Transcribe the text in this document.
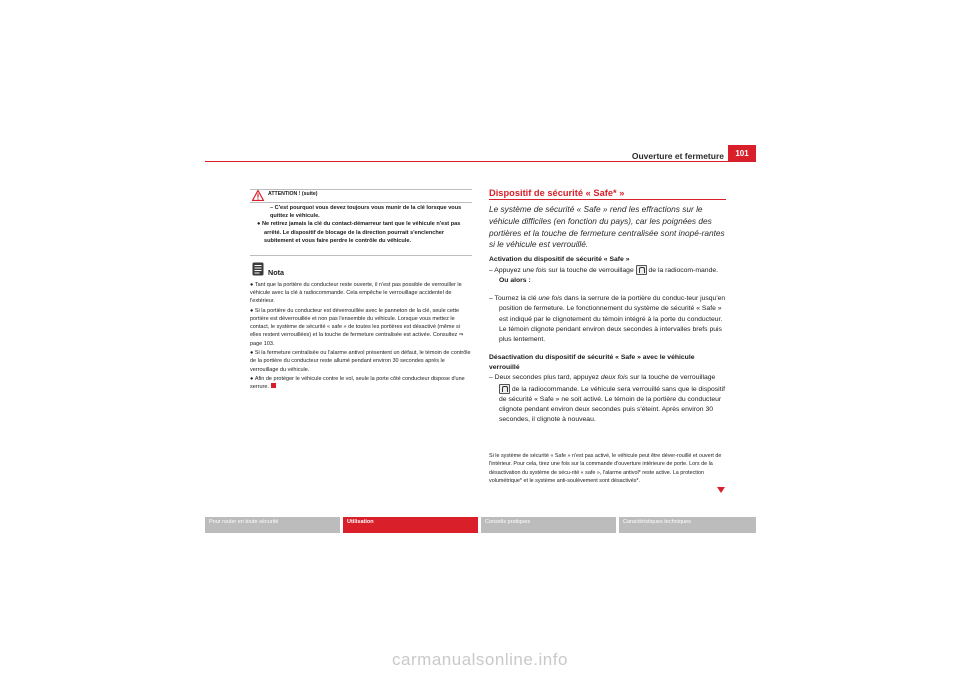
Ouverture et fermeture	101
ATTENTION ! (suite)

– C'est pourquoi vous devez toujours vous munir de la clé lorsque vous quittez le véhicule.

● Ne retirez jamais la clé du contact-démarreur tant que le véhicule n'est pas arrêté. Le dispositif de blocage de la direction pourrait s'enclencher subitement et vous faire perdre le contrôle du véhicule.

Nota

● Tant que la portière du conducteur reste ouverte, il n'est pas possible de verrouiller le véhicule avec la clé à radiocommande. Cela empêche le verrouillage accidentel de l'extérieur.

● Si la portière du conducteur est déverrouillée avec le panneton de la clé, seule cette portière est déverrouillée et non pas l'ensemble du véhicule. Lorsque vous mettez le contact, le système de sécurité « safe » de toutes les portières est désactivé (même si elles restent verrouillées) et la touche de fermeture centralisée est activée. Consultez ⇒ page 103.

● Si la fermeture centralisée ou l'alarme antivol présentent un défaut, le témoin de contrôle de la portière du conducteur reste allumé pendant environ 30 secondes après le verrouillage du véhicule.

● Afin de protéger le véhicule contre le vol, seule la porte côté conducteur dispose d'une serrure.

Dispositif de sécurité « Safe* »
Le système de sécurité « Safe » rend les effractions sur le véhicule difficiles (en fonction du pays), car les poignées des portières et la touche de fermeture centralisée sont inopé-rantes si le véhicule est verrouillé.

Activation du dispositif de sécurité « Safe »

– Appuyez une fois sur la touche de verrouillage  de la radiocom-mande. Ou alors :

– Tournez la clé une fois dans la serrure de la portière du conduc-teur jusqu'en position de fermeture. Le fonctionnement du système de sécurité « Safe » est indiqué par le clignotement du témoin intégré à la porte du conducteur. Le témoin clignote pendant environ deux secondes à intervalles brefs puis plus lentement.

Désactivation du dispositif de sécurité « Safe » avec le véhicule verrouillé

– Deux secondes plus tard, appuyez deux fois sur la touche de verrouillage  de la radiocommande. Le véhicule sera verrouillé sans que le dispositif de sécurité « Safe » ne soit activé. Le témoin de la portière du conducteur clignote pendant environ deux secondes puis s'éteint. Après environ 30 secondes, il clignote à nouveau.

Si le système de sécurité « Safe » n'est pas activé, le véhicule peut être déver-rouillé et ouvert de l'intérieur. Pour cela, tirez une fois sur la commande d'ouverture intérieure de porte. Lors de la désactivation du système de sécu-rité « safe », l'alarme antivol* reste active. La protection volumétrique* et le système anti-soulèvement sont désactivés*.

Pour rouler en toute sécurité	Utilisation	Conseils pratiques	Caractéristiques techniques
carmanualsonline.info
